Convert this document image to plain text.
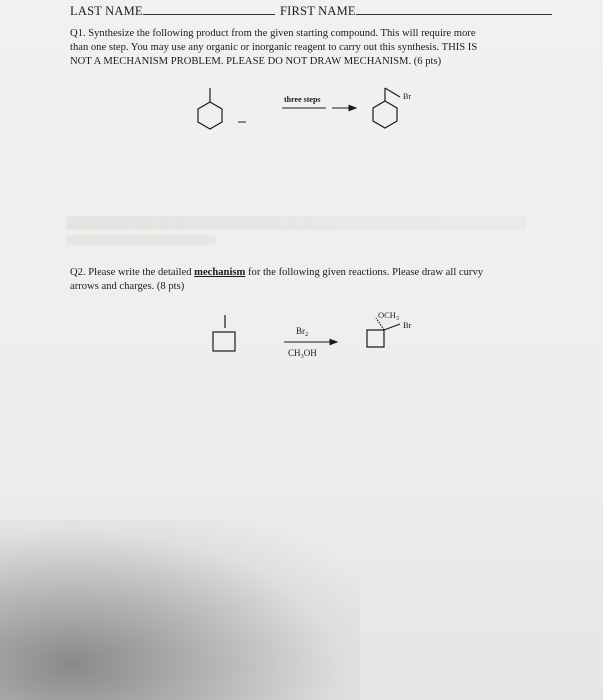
LAST NAME	FIRST NAME
Q1. Synthesize the following product from the given starting compound. This will require more
than one step. You may use any organic or inorganic reagent to carry out this synthesis. THIS IS
NOT A MECHANISM PROBLEM. PLEASE DO NOT DRAW MECHANISM. (6 pts)
three steps	Br
Q2. Please write the detailed mechanism for the following given reactions. Please draw all curvy
arrows and charges. (8 pts)
$Br_2$
$CH_3OH$
$OCH_3$
Br
